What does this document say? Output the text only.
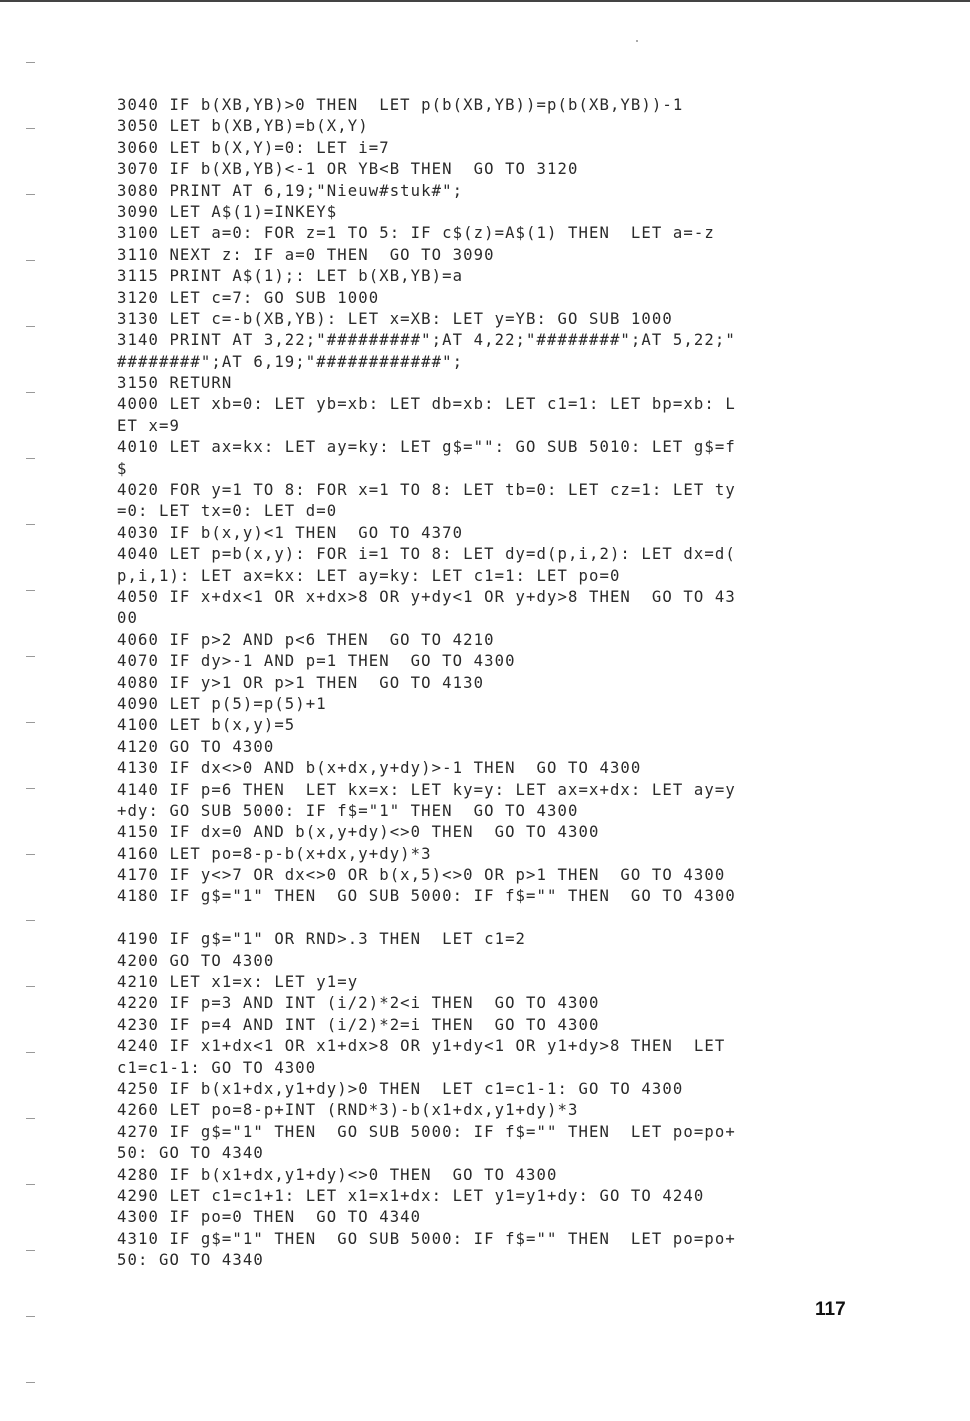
3040 IF b(XB,YB)>0 THEN  LET p(b(XB,YB))=p(b(XB,YB))-1
3050 LET b(XB,YB)=b(X,Y)
3060 LET b(X,Y)=0: LET i=7
3070 IF b(XB,YB)<-1 OR YB<B THEN  GO TO 3120
3080 PRINT AT 6,19;"Nieuw#stuk#";
3090 LET A$(1)=INKEY$
3100 LET a=0: FOR z=1 TO 5: IF c$(z)=A$(1) THEN  LET a=-z
3110 NEXT z: IF a=0 THEN  GO TO 3090
3115 PRINT A$(1);: LET b(XB,YB)=a
3120 LET c=7: GO SUB 1000
3130 LET c=-b(XB,YB): LET x=XB: LET y=YB: GO SUB 1000
3140 PRINT AT 3,22;"#########";AT 4,22;"########";AT 5,22;"
########";AT 6,19;"############";
3150 RETURN
4000 LET xb=0: LET yb=xb: LET db=xb: LET c1=1: LET bp=xb: L
ET x=9
4010 LET ax=kx: LET ay=ky: LET g$="": GO SUB 5010: LET g$=f
$
4020 FOR y=1 TO 8: FOR x=1 TO 8: LET tb=0: LET cz=1: LET ty
=0: LET tx=0: LET d=0
4030 IF b(x,y)<1 THEN  GO TO 4370
4040 LET p=b(x,y): FOR i=1 TO 8: LET dy=d(p,i,2): LET dx=d(
p,i,1): LET ax=kx: LET ay=ky: LET c1=1: LET po=0
4050 IF x+dx<1 OR x+dx>8 OR y+dy<1 OR y+dy>8 THEN  GO TO 43
00
4060 IF p>2 AND p<6 THEN  GO TO 4210
4070 IF dy>-1 AND p=1 THEN  GO TO 4300
4080 IF y>1 OR p>1 THEN  GO TO 4130
4090 LET p(5)=p(5)+1
4100 LET b(x,y)=5
4120 GO TO 4300
4130 IF dx<>0 AND b(x+dx,y+dy)>-1 THEN  GO TO 4300
4140 IF p=6 THEN  LET kx=x: LET ky=y: LET ax=x+dx: LET ay=y
+dy: GO SUB 5000: IF f$="1" THEN  GO TO 4300
4150 IF dx=0 AND b(x,y+dy)<>0 THEN  GO TO 4300
4160 LET po=8-p-b(x+dx,y+dy)*3
4170 IF y<>7 OR dx<>0 OR b(x,5)<>0 OR p>1 THEN  GO TO 4300
4180 IF g$="1" THEN  GO SUB 5000: IF f$="" THEN  GO TO 4300
4190 IF g$="1" OR RND>.3 THEN  LET c1=2
4200 GO TO 4300
4210 LET x1=x: LET y1=y
4220 IF p=3 AND INT (i/2)*2<i THEN  GO TO 4300
4230 IF p=4 AND INT (i/2)*2=i THEN  GO TO 4300
4240 IF x1+dx<1 OR x1+dx>8 OR y1+dy<1 OR y1+dy>8 THEN  LET
c1=c1-1: GO TO 4300
4250 IF b(x1+dx,y1+dy)>0 THEN  LET c1=c1-1: GO TO 4300
4260 LET po=8-p+INT (RND*3)-b(x1+dx,y1+dy)*3
4270 IF g$="1" THEN  GO SUB 5000: IF f$="" THEN  LET po=po+
50: GO TO 4340
4280 IF b(x1+dx,y1+dy)<>0 THEN  GO TO 4300
4290 LET c1=c1+1: LET x1=x1+dx: LET y1=y1+dy: GO TO 4240
4300 IF po=0 THEN  GO TO 4340
4310 IF g$="1" THEN  GO SUB 5000: IF f$="" THEN  LET po=po+
50: GO TO 4340
117
